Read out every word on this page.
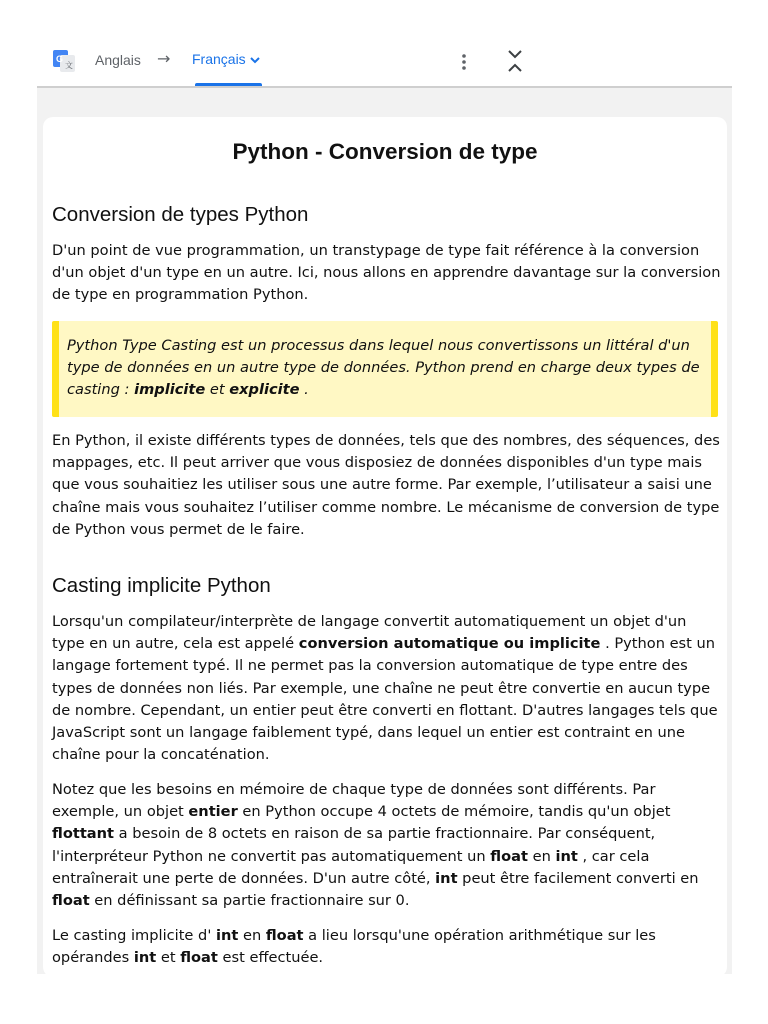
G
文 Anglais → Français
Python - Conversion de type
Conversion de types Python

D'un point de vue programmation, un transtypage de type fait référence à la conversion d'un objet d'un type en un autre. Ici, nous allons en apprendre davantage sur la conversion de type en programmation Python.

Python Type Casting est un processus dans lequel nous convertissons un littéral d'un type de données en un autre type de données. Python prend en charge deux types de casting : implicite et explicite .

En Python, il existe différents types de données, tels que des nombres, des séquences, des mappages, etc. Il peut arriver que vous disposiez de données disponibles d'un type mais que vous souhaitiez les utiliser sous une autre forme. Par exemple, l’utilisateur a saisi une chaîne mais vous souhaitez l’utiliser comme nombre. Le mécanisme de conversion de type de Python vous permet de le faire.

Casting implicite Python

Lorsqu'un compilateur/interprète de langage convertit automatiquement un objet d'un type en un autre, cela est appelé conversion automatique ou implicite . Python est un langage fortement typé. Il ne permet pas la conversion automatique de type entre des types de données non liés. Par exemple, une chaîne ne peut être convertie en aucun type de nombre. Cependant, un entier peut être converti en flottant. D'autres langages tels que JavaScript sont un langage faiblement typé, dans lequel un entier est contraint en une chaîne pour la concaténation.

Notez que les besoins en mémoire de chaque type de données sont différents. Par exemple, un objet entier en Python occupe 4 octets de mémoire, tandis qu'un objet flottant a besoin de 8 octets en raison de sa partie fractionnaire. Par conséquent, l'interpréteur Python ne convertit pas automatiquement un float en int , car cela entraînerait une perte de données. D'un autre côté, int peut être facilement converti en float en définissant sa partie fractionnaire sur 0.

Le casting implicite d' int en float a lieu lorsqu'une opération arithmétique sur les opérandes int et float est effectuée.
